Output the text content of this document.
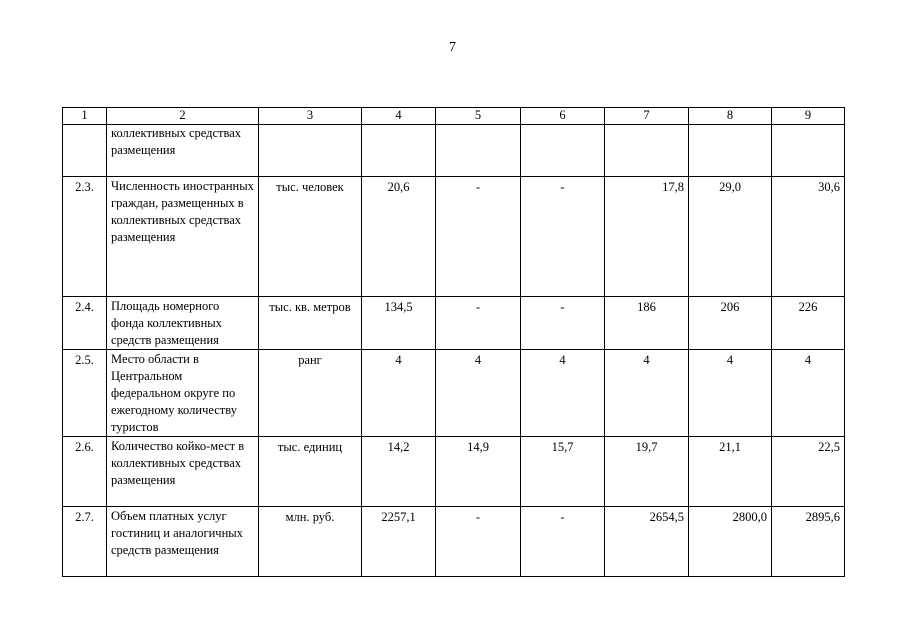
7
1	2	3	4	5	6	7	8	9
	коллективных средствах размещения							
2.3.	Численность иностранных граждан, размещенных в коллективных средствах размещения	тыс. человек	20,6	-	-	17,8	29,0	30,6
2.4.	Площадь номерного фонда коллективных средств размещения	тыс. кв. метров	134,5	-	-	186	206	226
2.5.	Место области в Центральном федеральном округе по ежегодному количеству туристов	ранг	4	4	4	4	4	4
2.6.	Количество койко-мест в коллективных средствах размещения	тыс. единиц	14,2	14,9	15,7	19,7	21,1	22,5
2.7.	Объем платных услуг гостиниц и аналогичных средств размещения	млн. руб.	2257,1	-	-	2654,5	2800,0	2895,6
